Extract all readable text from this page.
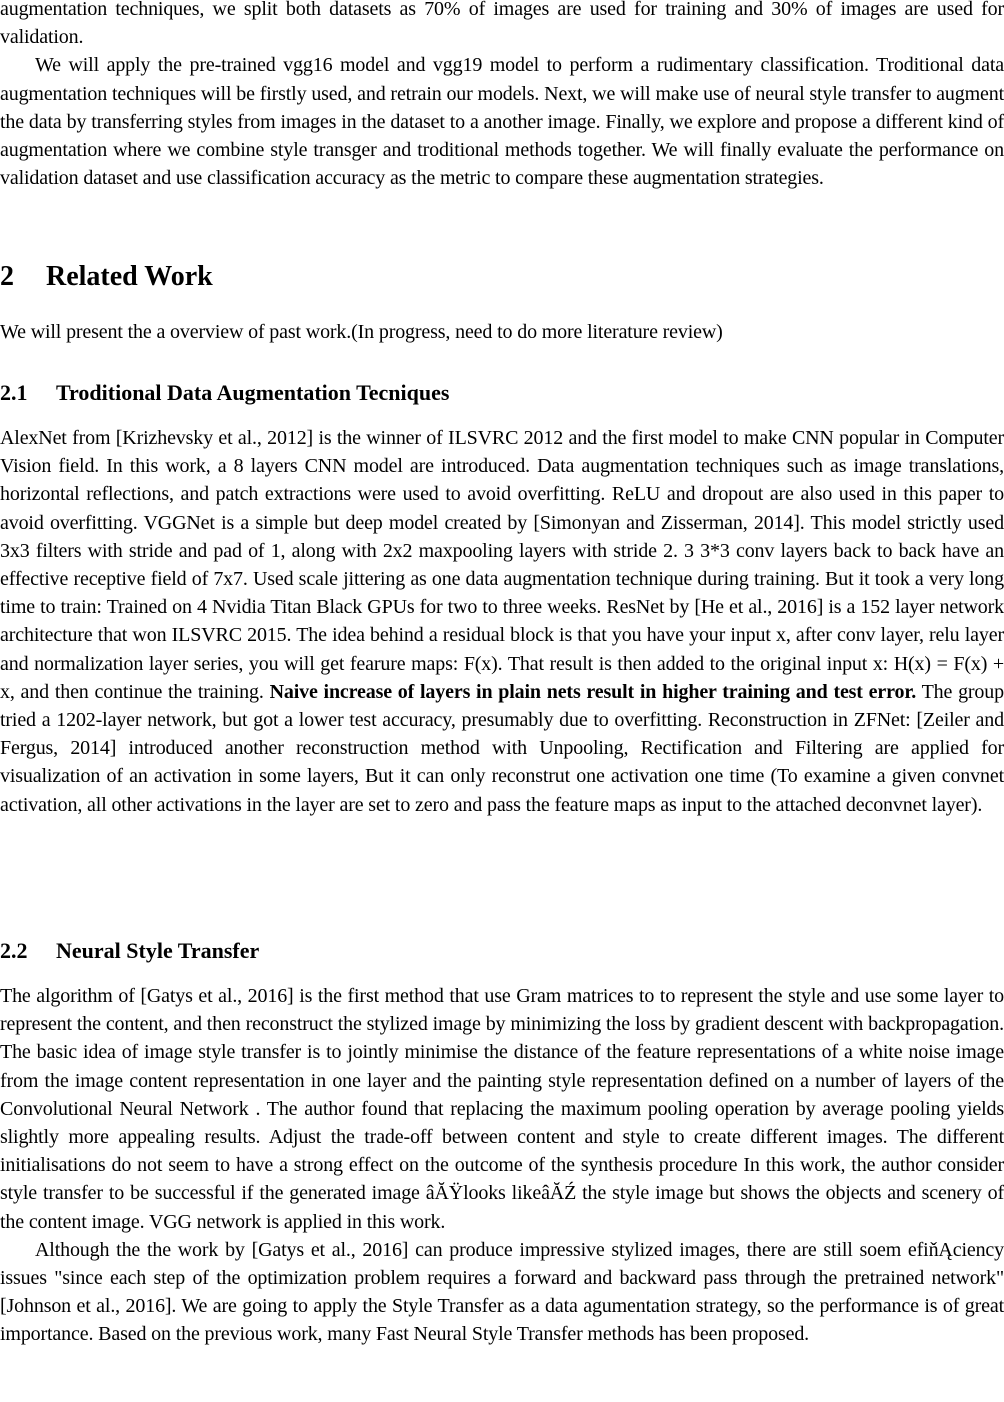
augmentation techniques, we split both datasets as 70% of images are used for training and 30% of images are used for validation.

We will apply the pre-trained vgg16 model and vgg19 model to perform a rudimentary classification. Troditional data augmentation techniques will be firstly used, and retrain our models. Next, we will make use of neural style transfer to augment the data by transferring styles from images in the dataset to a another image. Finally, we explore and propose a different kind of augmentation where we combine style transger and troditional methods together. We will finally evaluate the performance on validation dataset and use classification accuracy as the metric to compare these augmentation strategies.

2 Related Work

We will present the a overview of past work.(In progress, need to do more literature review)

2.1 Troditional Data Augmentation Tecniques

AlexNet from [Krizhevsky et al., 2012] is the winner of ILSVRC 2012 and the first model to make CNN popular in Computer Vision field. In this work, a 8 layers CNN model are introduced. Data augmentation techniques such as image translations, horizontal reflections, and patch extractions were used to avoid overfitting. ReLU and dropout are also used in this paper to avoid overfitting. VGGNet is a simple but deep model created by [Simonyan and Zisserman, 2014]. This model strictly used 3x3 filters with stride and pad of 1, along with 2x2 maxpooling layers with stride 2. 3 3*3 conv layers back to back have an effective receptive field of 7x7. Used scale jittering as one data augmentation technique during training. But it took a very long time to train: Trained on 4 Nvidia Titan Black GPUs for two to three weeks. ResNet by [He et al., 2016] is a 152 layer network architecture that won ILSVRC 2015. The idea behind a residual block is that you have your input x, after conv layer, relu layer and normalization layer series, you will get fearure maps: F(x). That result is then added to the original input x: H(x) = F(x) + x, and then continue the training. Naive increase of layers in plain nets result in higher training and test error. The group tried a 1202-layer network, but got a lower test accuracy, presumably due to overfitting. Reconstruction in ZFNet: [Zeiler and Fergus, 2014] introduced another reconstruction method with Unpooling, Rectification and Filtering are applied for visualization of an activation in some layers, But it can only reconstrut one activation one time (To examine a given convnet activation, all other activations in the layer are set to zero and pass the feature maps as input to the attached deconvnet layer).

2.2 Neural Style Transfer

The algorithm of [Gatys et al., 2016] is the first method that use Gram matrices to to represent the style and use some layer to represent the content, and then reconstruct the stylized image by minimizing the loss by gradient descent with backpropagation. The basic idea of image style transfer is to jointly minimise the distance of the feature representations of a white noise image from the image content representation in one layer and the painting style representation defined on a number of layers of the Convolutional Neural Network . The author found that replacing the maximum pooling operation by average pooling yields slightly more appealing results. Adjust the trade-off between content and style to create different images. The different initialisations do not seem to have a strong effect on the outcome of the synthesis procedure In this work, the author consider style transfer to be successful if the generated image âĂŸlooks likeâĂŹ the style image but shows the objects and scenery of the content image. VGG network is applied in this work.

Although the the work by [Gatys et al., 2016] can produce impressive stylized images, there are still soem efiňĄciency issues "since each step of the optimization problem requires a forward and backward pass through the pretrained network" [Johnson et al., 2016]. We are going to apply the Style Transfer as a data agumentation strategy, so the performance is of great importance. Based on the previous work, many Fast Neural Style Transfer methods has been proposed.
